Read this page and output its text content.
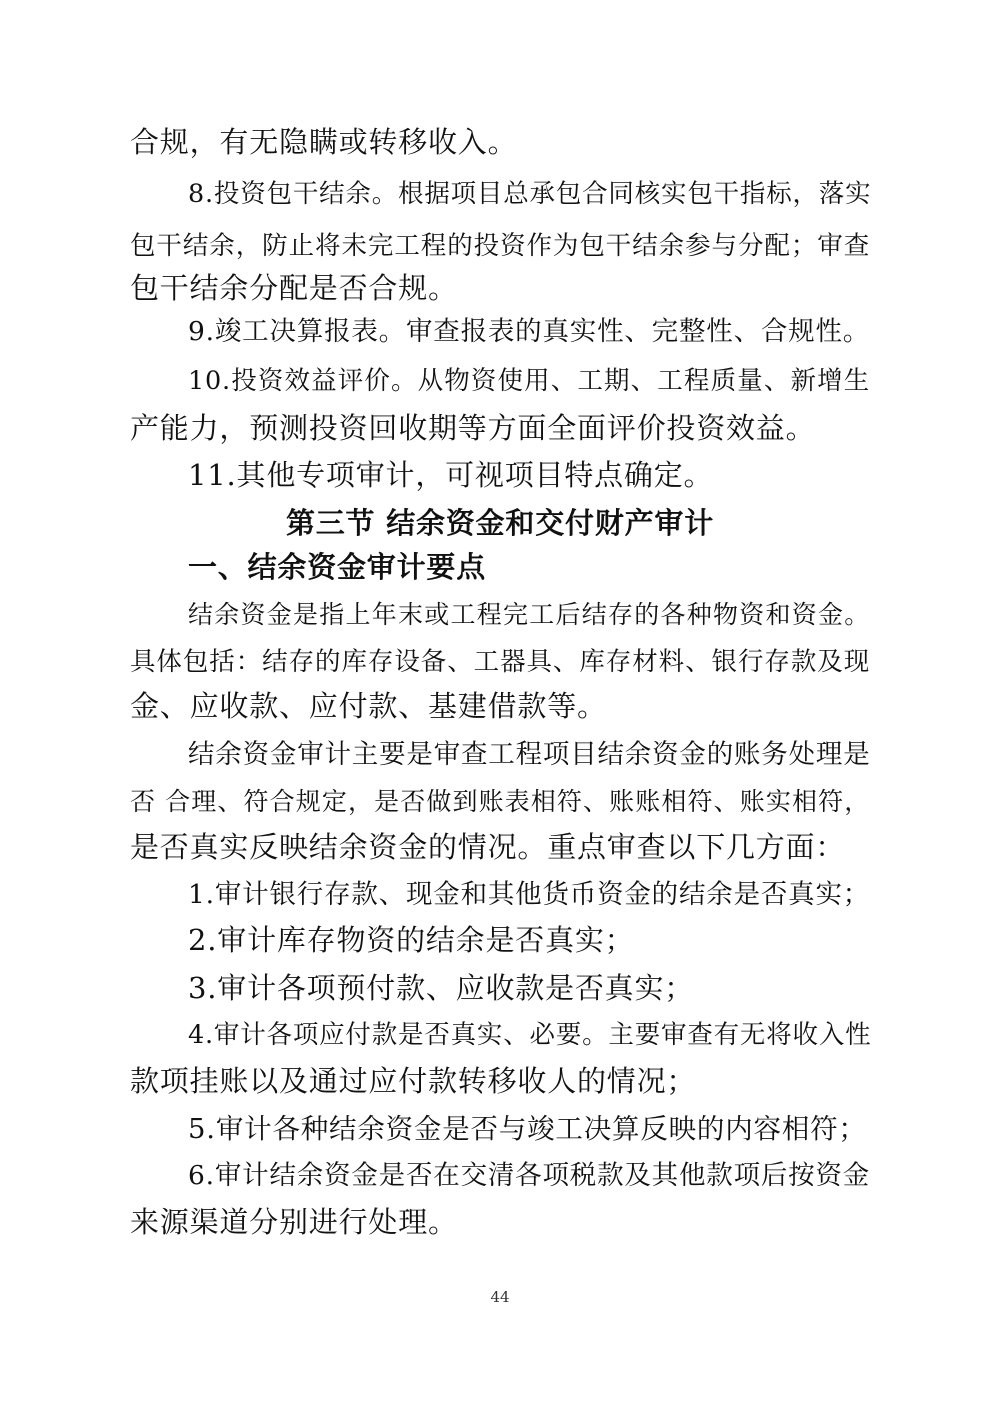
合规，有无隐瞒或转移收入。
8.投资包干结余。根据项目总承包合同核实包干指标，落实
包干结余，防止将未完工程的投资作为包干结余参与分配；审查
包干结余分配是否合规。
9.竣工决算报表。审查报表的真实性、完整性、合规性。
10.投资效益评价。从物资使用、工期、工程质量、新增生
产能力，预测投资回收期等方面全面评价投资效益。
11.其他专项审计，可视项目特点确定。
第三节 结余资金和交付财产审计
一、结余资金审计要点
结余资金是指上年末或工程完工后结存的各种物资和资金。
具体包括：结存的库存设备、工器具、库存材料、银行存款及现
金、应收款、应付款、基建借款等。
结余资金审计主要是审查工程项目结余资金的账务处理是
否 合理、符合规定，是否做到账表相符、账账相符、账实相符，
是否真实反映结余资金的情况。重点审查以下几方面：
1.审计银行存款、现金和其他货币资金的结余是否真实；
2.审计库存物资的结余是否真实；
3.审计各项预付款、应收款是否真实；
4.审计各项应付款是否真实、必要。主要审查有无将收入性
款项挂账以及通过应付款转移收人的情况；
5.审计各种结余资金是否与竣工决算反映的内容相符；
6.审计结余资金是否在交清各项税款及其他款项后按资金
来源渠道分别进行处理。
44
